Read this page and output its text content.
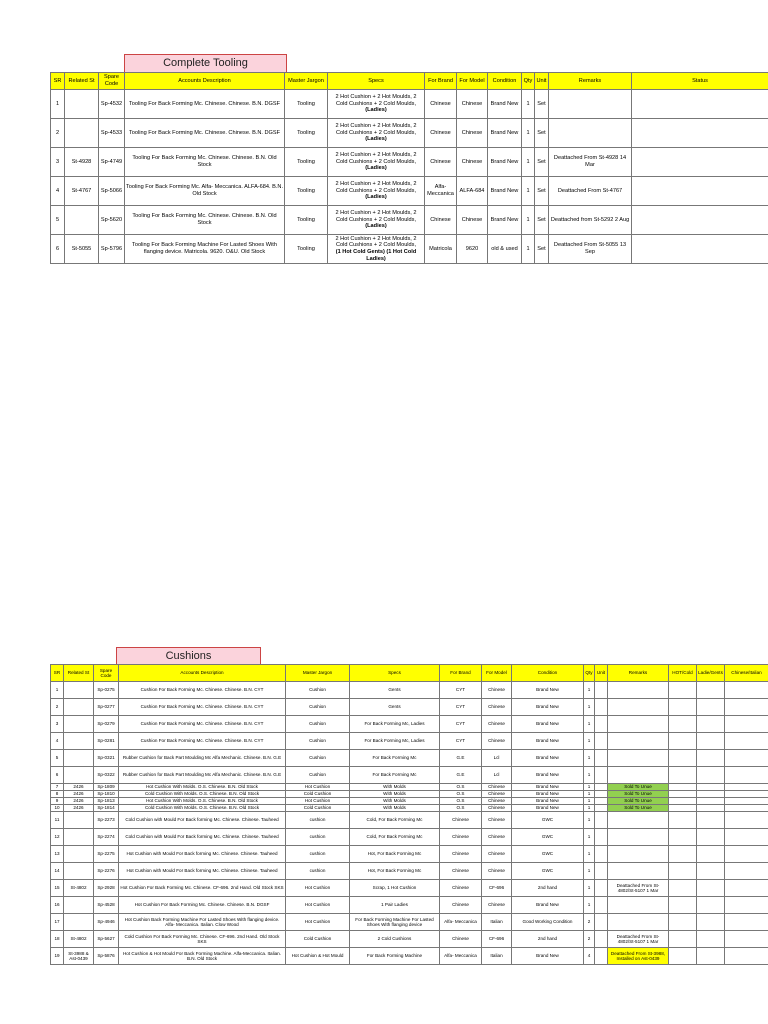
Complete Tooling
SR	Related St	Spare Code	Accounts Description	Master Jargon	Specs	For Brand	For Model	Condition	Qty	Unit	Remarks	Status
1		Sp-4532	Tooling For Back Forming Mc. Chinese. Chinese. B.N. DGSF	Tooling	2 Hot Cushion + 2 Hot Moulds, 2 Cold Cushions + 2 Cold Moulds,
(Ladies)	Chinese	Chinese	Brand New	1	Set		
2		Sp-4533	Tooling For Back Forming Mc. Chinese. Chinese. B.N. DGSF	Tooling	2 Hot Cushion + 2 Hot Moulds, 2 Cold Cushions + 2 Cold Moulds,
(Ladies)	Chinese	Chinese	Brand New	1	Set		
3	St-4928	Sp-4749	Tooling For Back Forming Mc. Chinese. Chinese. B.N. Old Stock	Tooling	2 Hot Cushion + 2 Hot Moulds, 2 Cold Cushions + 2 Cold Moulds,
(Ladies)	Chinese	Chinese	Brand New	1	Set	Deattached From St-4928 14 Mar	
4	St-4767	Sp-5066	Tooling For Back Forming Mc. Alfa- Meccanica. ALFA-684. B.N. Old Stock	Tooling	2 Hot Cushion + 2 Hot Moulds, 2 Cold Cushions + 2 Cold Moulds,
(Ladies)	Alfa-Meccanica	ALFA-684	Brand New	1	Set	Deattached From St-4767	
5		Sp-5620	Tooling For Back Forming Mc. Chinese. Chinese. B.N. Old Stock	Tooling	2 Hot Cushion + 2 Hot Moulds, 2 Cold Cushions + 2 Cold Moulds,
(Ladies)	Chinese	Chinese	Brand New	1	Set	Deattached from St-5292 2 Aug	
6	St-5055	Sp-5796	Tooling For Back Forming Machine For Lasted Shoes With flanging device. Matricola. 9620. O&U. Old Stock	Tooling	2 Hot Cushion + 2 Hot Moulds, 2 Cold Cushions + 2 Cold Moulds,
(1 Hot Cold Gents) (1 Hot Cold Ladies)	Matricola	9620	old & used	1	Set	Deattached From St-5055 13 Sep	
Cushions
SR	Related St	Spare Code	Accounts Description	Master Jargon	Specs	For Brand	For Model	Condition	Qty	Unit	Remarks	HOT/Cold	Ladie/Gents	Chinese/Italian
1		Sp-0275	Cushion For Back Forming Mc. Chinese. Chinese. B.N. CYT	Cushion	Gents	CYT	Chinese	Brand New	1					
2		Sp-0277	Cushion For Back Forming Mc. Chinese. Chinese. B.N. CYT	Cushion	Gents	CYT	Chinese	Brand New	1					
3		Sp-0279	Cushion For Back Forming Mc. Chinese. Chinese. B.N. CYT	Cushion	For Back Forming Mc, Ladies	CYT	Chinese	Brand New	1					
4		Sp-0281	Cushion For Back Forming Mc. Chinese. Chinese. B.N. CYT	Cushion	For Back Forming Mc, Ladies	CYT	Chinese	Brand New	1					
5		Sp-0321	Rubber Cushion for Back Part Moulding Mc Alfa Mechanic. Chinese. B.N. G.E	Cushion	For Back Forming Mc	G.E	Lcl	Brand New	1					
6		Sp-0322	Rubber Cushion for Back Part Moulding Mc Alfa Mechanic. Chinese. B.N. G.E	Cushion	For Back Forming Mc	G.E	Lcl	Brand New	1					
7	2426	Sp-1809	Hot Cushion With Molds. O.S. Chinese. B.N. Old Stock	Hot Cushion	With Molds	O.S	Chinese	Brand New	1		Sold To Unue			
8	2426	Sp-1810	Cold Cushion With Molds. O.S. Chinese. B.N. Old Stock	Cold Cushion	With Molds	O.S	Chinese	Brand New	1		Sold To Unue			
9	2426	Sp-1813	Hot Cushion With Molds. O.S. Chinese. B.N. Old Stock	Hot Cushion	With Molds	O.S	Chinese	Brand New	1		Sold To Unue			
10	2426	Sp-1814	Cold Cushion With Molds. O.S. Chinese. B.N. Old Stock	Cold Cushion	With Molds	O.S	Chinese	Brand New	1		Sold To Unue			
11		Sp-2273	Cold Cushion with Mould For Back forming Mc. Chinese. Chinese. Tauheed	cushion	Cold, For Back Forming Mc	Chinese	Chinese	GWC	1					
12		Sp-2274	Cold Cushion with Mould For Back forming Mc. Chinese. Chinese. Tauheed	cushion	Cold, For Back Forming Mc	Chinese	Chinese	GWC	1					
13		Sp-2275	Hot Cushion with Mould For Back forming Mc. Chinese. Chinese. Tauheed	cushion	Hot, For Back Forming Mc	Chinese	Chinese	GWC	1					
14		Sp-2276	Hot Cushion with Mould For Back forming Mc. Chinese. Chinese. Tauheed	cushion	Hot, For Back Forming Mc	Chinese	Chinese	GWC	1					
15	St-4802	Sp-2928	Hot Cushion For Back Forming Mc. Chinese. CF-696. 2nd Hand. Old Stock SKS	Hot Cushion	Scrap, 1 Hot Cushion	Chinese	CF-696	2nd hand	1		Deattached From St-4802/St-5107 1 Mar			
16		Sp-4528	Hot Cushion For Back Forming Mc. Chinese. Chinese. B.N. DGSF	Hot Cushion	1 Pair Ladies	Chinese	Chinese	Brand New	1					
17		Sp-4946	Hot Cushion Back Forming Machine For Lasted Shoes With flanging device. Alfa- Meccanica. Italian. Clow Wood	Hot Cushion	For Back Forming Machine For Lasted Shoes With flanging device	Alfa- Meccanica	Italian	Good Working Condition	2					
18	St-4802	Sp-5627	Cold Cushion For Back Forming Mc. Chinese. CF-696. 2nd Hand. Old Stock SKS	Cold Cushion	2 Cold Cushions	Chinese	CF-696	2nd hand	2		Deattached From St-4802/St-5107 1 Mar			
19	St-3988 & Ast-0439	Sp-5876	Hot Cushion & Hot Mould For Back Forming Machine. Alfa-Meccanica. Italian. B.N. Old Stock	Hot Cushion & Hot Mould	For Back Forming Machine	Alfa- Meccanica	Italian	Brand New	4		Deattached From St-3988, Installed on Ast-0439			
